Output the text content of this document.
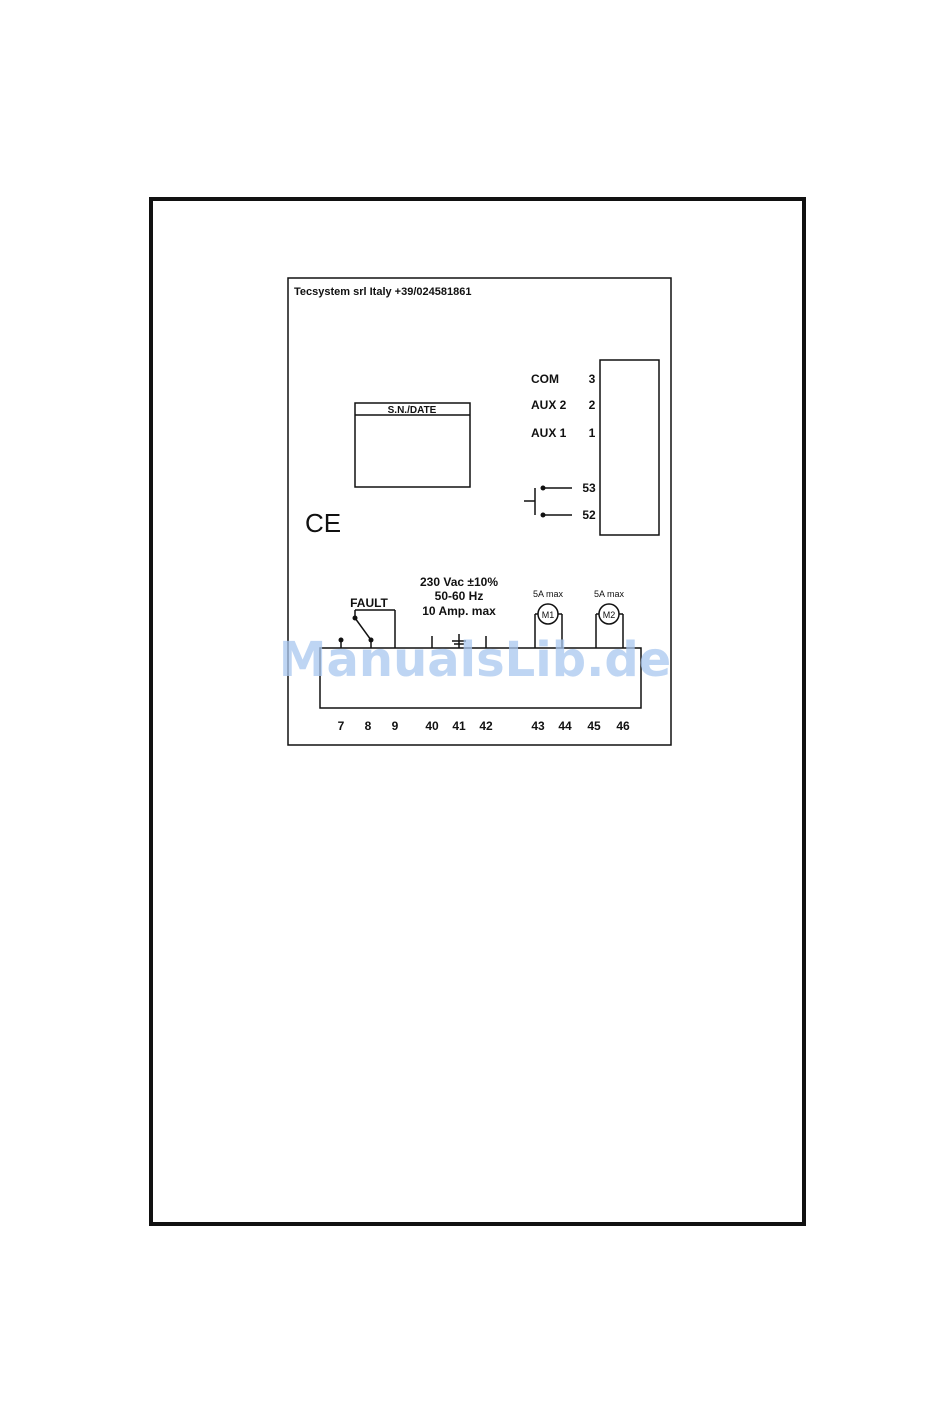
Tecsystem srl Italy +39/024581861
S.N./DATE
CE
COM 3
AUX 2 2
AUX 1 1
53
52
230 Vac ±10%
50-60 Hz
10 Amp. max
FAULT
5A max
M1
5A max
M2
7 8 9 40 41 42	43 44 45 46
ManualsLib.de
